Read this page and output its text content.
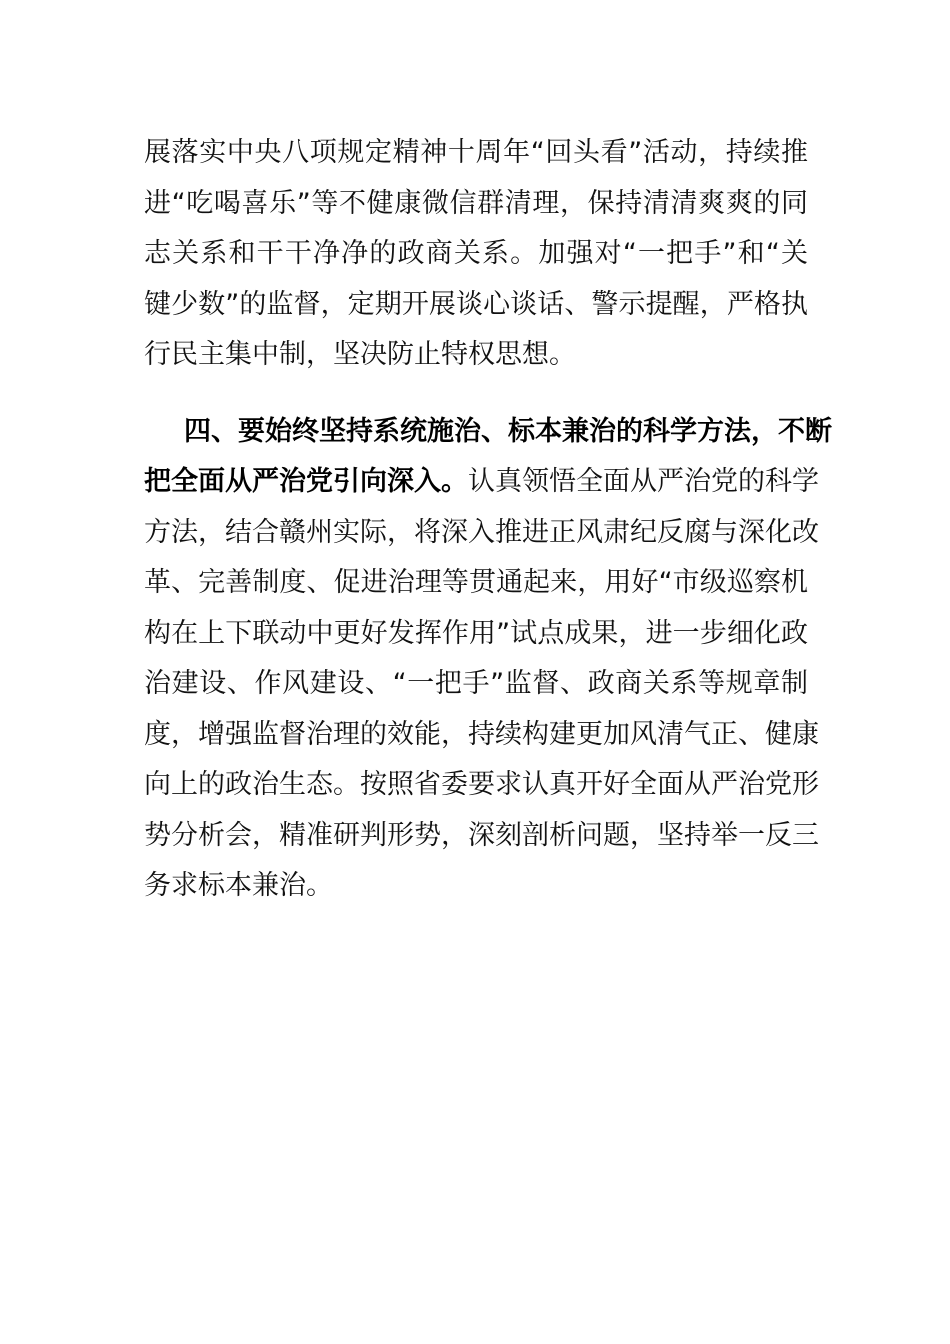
展落实中央八项规定精神十周年“回头看”活动，持续推
进“吃喝喜乐”等不健康微信群清理，保持清清爽爽的同
志关系和干干净净的政商关系。加强对“一把手”和“关
键少数”的监督，定期开展谈心谈话、警示提醒，严格执
行民主集中制，坚决防止特权思想。
四、要始终坚持系统施治、标本兼治的科学方法，不断
把全面从严治党引向深入。认真领悟全面从严治党的科学
方法，结合赣州实际，将深入推进正风肃纪反腐与深化改
革、完善制度、促进治理等贯通起来，用好“市级巡察机
构在上下联动中更好发挥作用”试点成果，进一步细化政
治建设、作风建设、“一把手”监督、政商关系等规章制
度，增强监督治理的效能，持续构建更加风清气正、健康
向上的政治生态。按照省委要求认真开好全面从严治党形
势分析会，精准研判形势，深刻剖析问题，坚持举一反三
务求标本兼治。
